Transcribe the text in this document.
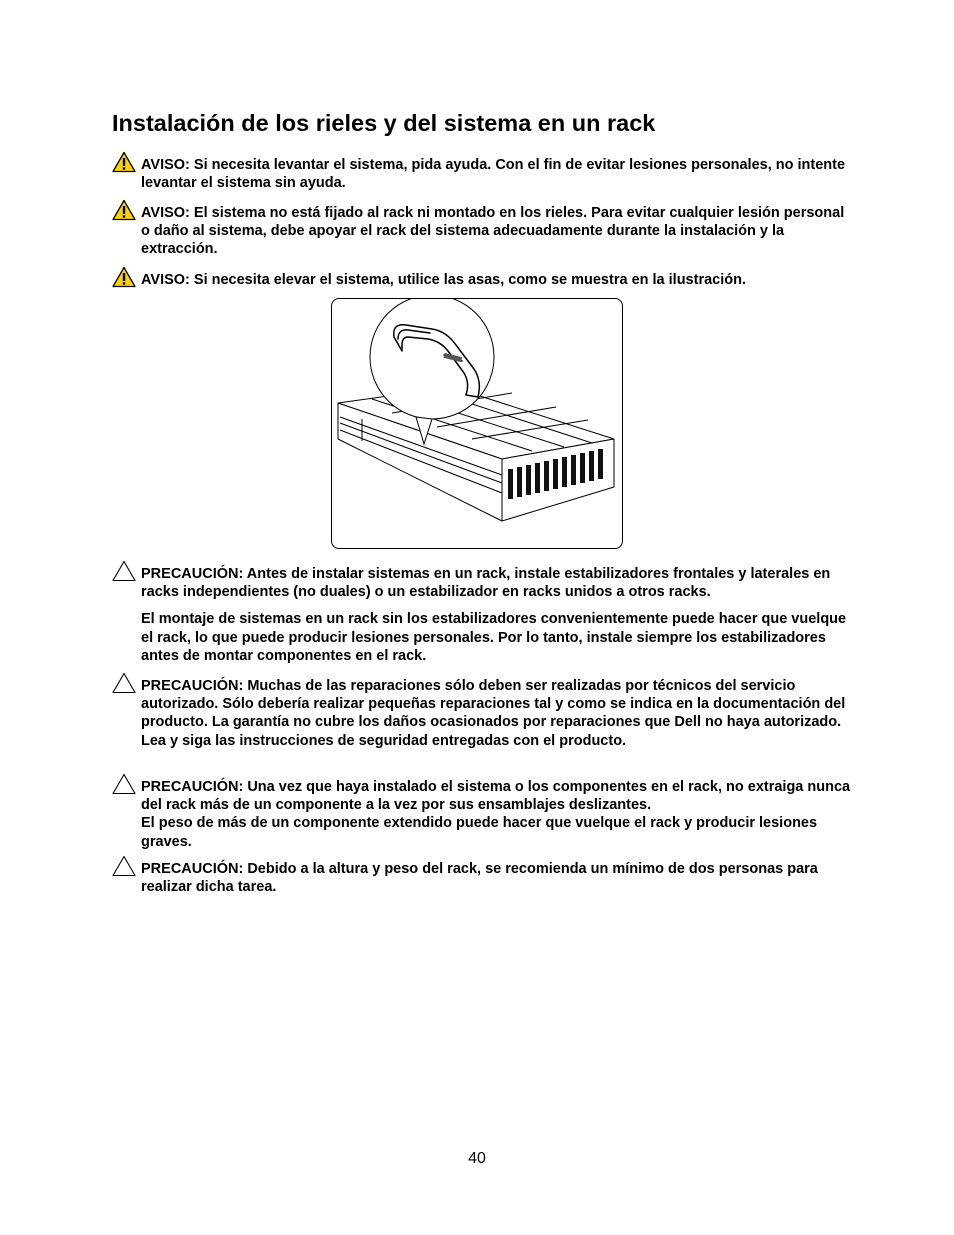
Instalación de los rieles y del sistema en un rack

AVISO: Si necesita levantar el sistema, pida ayuda. Con el fin de evitar lesiones personales, no intente levantar el sistema sin ayuda.

AVISO: El sistema no está fijado al rack ni montado en los rieles. Para evitar cualquier lesión personal o daño al sistema, debe apoyar el rack del sistema adecuadamente durante la instalación y la extracción.

AVISO: Si necesita elevar el sistema, utilice las asas, como se muestra en la ilustración.

PRECAUCIÓN: Antes de instalar sistemas en un rack, instale estabilizadores frontales y laterales en racks independientes (no duales) o un estabilizador en racks unidos a otros racks.

El montaje de sistemas en un rack sin los estabilizadores convenientemente puede hacer que vuelque el rack, lo que puede producir lesiones personales. Por lo tanto, instale siempre los estabilizadores antes de montar componentes en el rack.

PRECAUCIÓN: Muchas de las reparaciones sólo deben ser realizadas por técnicos del servicio autorizado. Sólo debería realizar pequeñas reparaciones tal y como se indica en la documentación del producto. La garantía no cubre los daños ocasionados por reparaciones que Dell no haya autorizado. Lea y siga las instrucciones de seguridad entregadas con el producto.

PRECAUCIÓN: Una vez que haya instalado el sistema o los componentes en el rack, no extraiga nunca del rack más de un componente a la vez por sus ensamblajes deslizantes.

El peso de más de un componente extendido puede hacer que vuelque el rack y producir lesiones graves.

PRECAUCIÓN: Debido a la altura y peso del rack, se recomienda un mínimo de dos personas para realizar dicha tarea.

40
